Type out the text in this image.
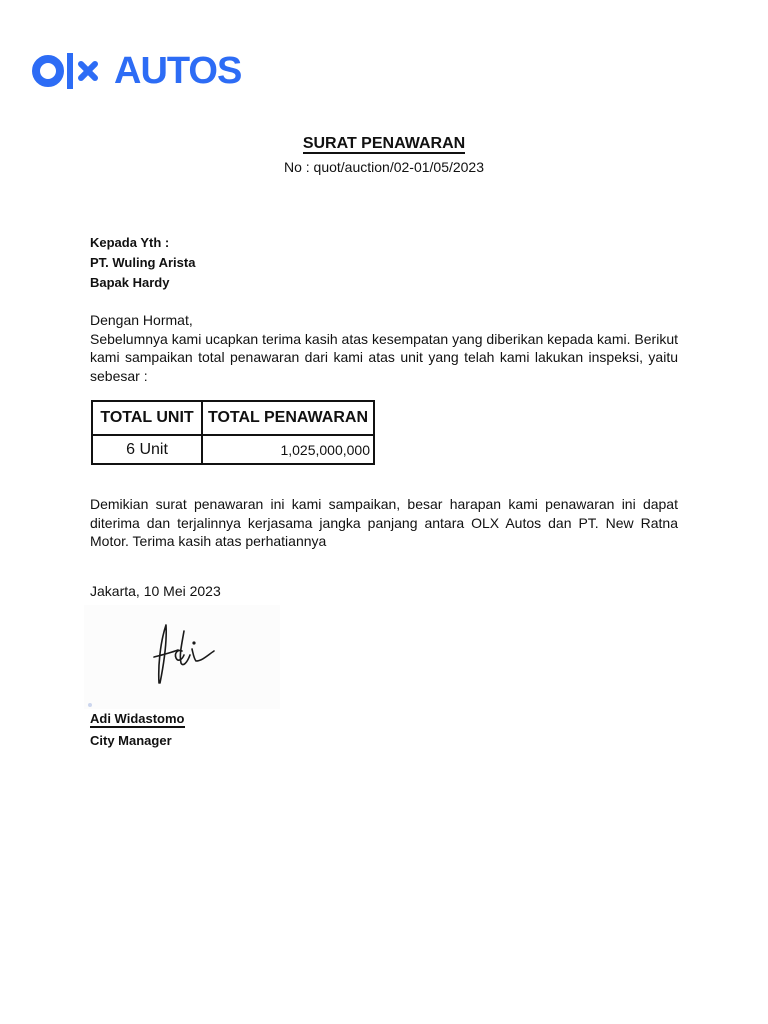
AUTOS
SURAT PENAWARAN
No : quot/auction/02-01/05/2023
Kepada Yth :
PT. Wuling Arista
Bapak Hardy
Dengan Hormat,
Sebelumnya kami ucapkan terima kasih atas kesempatan yang diberikan kepada kami. Berikut kami sampaikan total penawaran dari kami atas unit yang telah kami lakukan inspeksi, yaitu sebesar :
TOTAL UNIT	TOTAL PENAWARAN
6 Unit	1,025,000,000
Demikian surat penawaran ini kami sampaikan, besar harapan kami penawaran ini dapat diterima dan terjalinnya kerjasama jangka panjang antara OLX Autos dan PT. New Ratna Motor. Terima kasih atas perhatiannya
Jakarta, 10 Mei 2023
Adi Widastomo
City Manager
